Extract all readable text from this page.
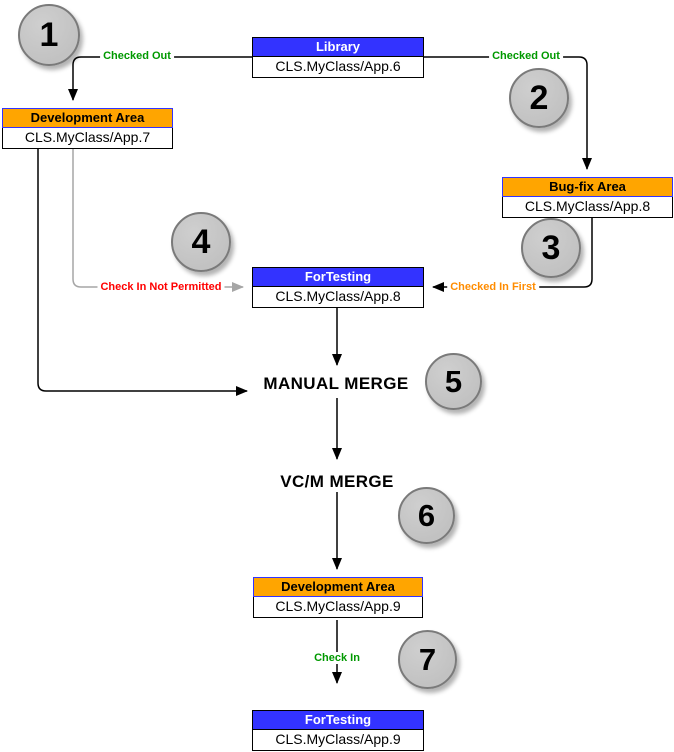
Checked Out	Checked Out
Check In Not Permitted	Checked In First
Check In
MANUAL MERGE
VC/M MERGE
Library
CLS.MyClass/App.6
Development Area
CLS.MyClass/App.7
Bug-fix Area
CLS.MyClass/App.8
ForTesting
CLS.MyClass/App.8
Development Area
CLS.MyClass/App.9
ForTesting
CLS.MyClass/App.9
1
2
3
4
5
6
7
